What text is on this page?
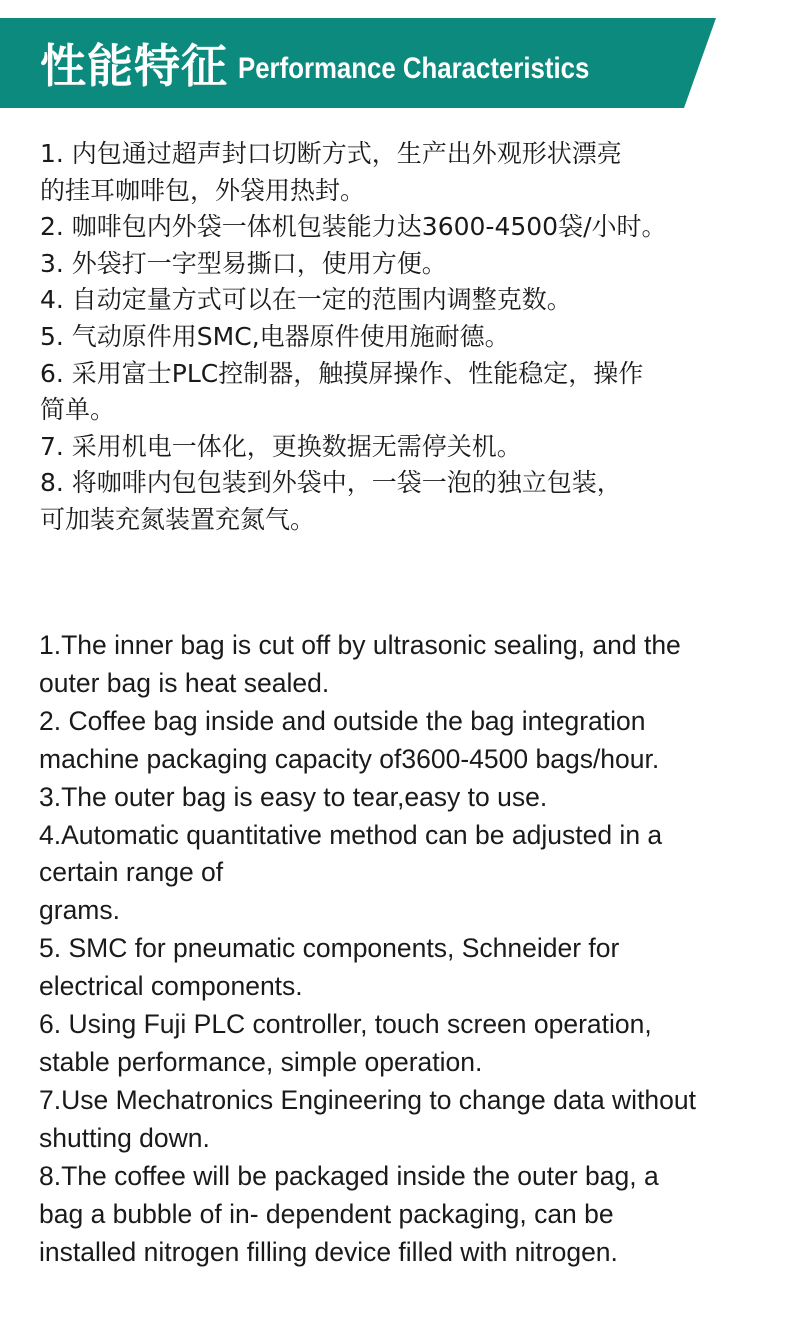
性能特征 Performance Characteristics
1. 内包通过超声封口切断方式，生产出外观形状漂亮
的挂耳咖啡包，外袋用热封。
2. 咖啡包内外袋一体机包装能力达3600-4500袋/小时。
3. 外袋打一字型易撕口，使用方便。
4. 自动定量方式可以在一定的范围内调整克数。
5. 气动原件用SMC,电器原件使用施耐德。
6. 采用富士PLC控制器，触摸屏操作、性能稳定，操作
简单。
7. 采用机电一体化，更换数据无需停关机。
8. 将咖啡内包包装到外袋中，一袋一泡的独立包装，
可加装充氮装置充氮气。
1.The inner bag is cut off by ultrasonic sealing, and the
outer bag is heat sealed.
2. Coffee bag inside and outside the bag integration
machine packaging capacity of3600-4500 bags/hour.
3.The outer bag is easy to tear,easy to use.
4.Automatic quantitative method can be adjusted in a
certain range of
grams.
5. SMC for pneumatic components, Schneider for
electrical components.
6. Using Fuji PLC controller, touch screen operation,
stable performance, simple operation.
7.Use Mechatronics Engineering to change data without
shutting down.
8.The coffee will be packaged inside the outer bag, a
bag a bubble of in- dependent packaging, can be
installed nitrogen filling device filled with nitrogen.
